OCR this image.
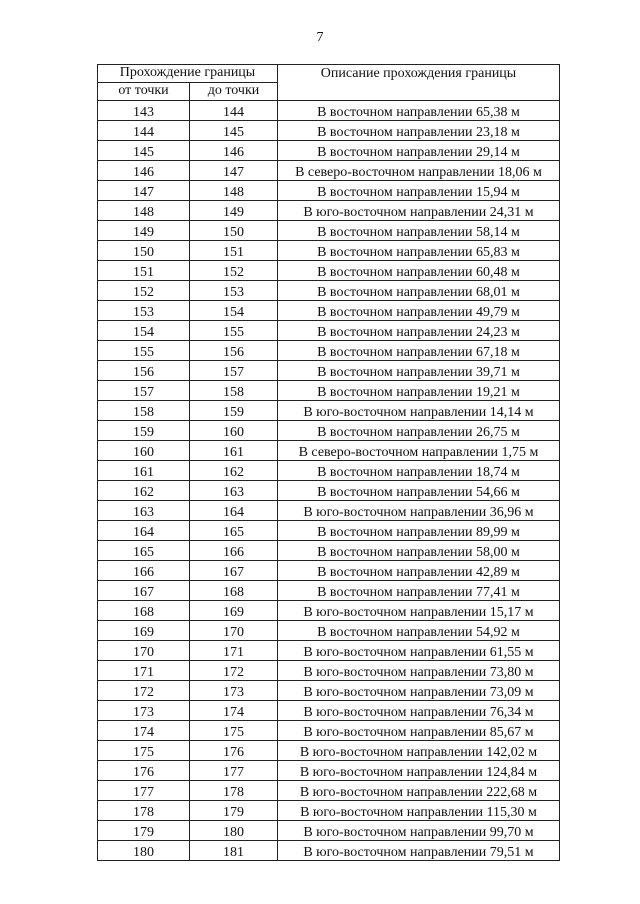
7
Прохождение границы		Описание прохождения границы
от точки	до точки	
143	144	В восточном направлении 65,38 м
144	145	В восточном направлении 23,18 м
145	146	В восточном направлении 29,14 м
146	147	В северо-восточном направлении 18,06 м
147	148	В восточном направлении 15,94 м
148	149	В юго-восточном направлении 24,31 м
149	150	В восточном направлении 58,14 м
150	151	В восточном направлении 65,83 м
151	152	В восточном направлении 60,48 м
152	153	В восточном направлении 68,01 м
153	154	В восточном направлении 49,79 м
154	155	В восточном направлении 24,23 м
155	156	В восточном направлении 67,18 м
156	157	В восточном направлении 39,71 м
157	158	В восточном направлении 19,21 м
158	159	В юго-восточном направлении 14,14 м
159	160	В восточном направлении 26,75 м
160	161	В северо-восточном направлении 1,75 м
161	162	В восточном направлении 18,74 м
162	163	В восточном направлении 54,66 м
163	164	В юго-восточном направлении 36,96 м
164	165	В восточном направлении 89,99 м
165	166	В восточном направлении 58,00 м
166	167	В восточном направлении 42,89 м
167	168	В восточном направлении 77,41 м
168	169	В юго-восточном направлении 15,17 м
169	170	В восточном направлении 54,92 м
170	171	В юго-восточном направлении 61,55 м
171	172	В юго-восточном направлении 73,80 м
172	173	В юго-восточном направлении 73,09 м
173	174	В юго-восточном направлении 76,34 м
174	175	В юго-восточном направлении 85,67 м
175	176	В юго-восточном направлении 142,02 м
176	177	В юго-восточном направлении 124,84 м
177	178	В юго-восточном направлении 222,68 м
178	179	В юго-восточном направлении 115,30 м
179	180	В юго-восточном направлении 99,70 м
180	181	В юго-восточном направлении 79,51 м
